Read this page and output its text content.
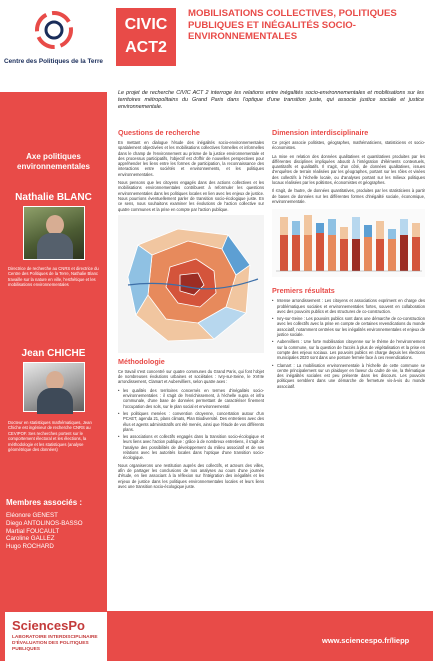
Centre des Politiques de la Terre
Axe politiques environnementales
Nathalie BLANC
Directrice de recherche au CNRS et directrice du Centre des Politiques de la Terre, Nathalie Blanc travaille sur la nature en ville, l'esthétique et les mobilisations environnementales
Jean CHICHE
Docteur en statistiques mathématiques, Jean Chiche est ingénieur de recherche CNRS au CEVIPOF. Ses recherches portent sur le comportement électoral et les élections, la méthodologie et les statistiques (analyse géométrique des données)
Membres associés :
Eléonore GENEST
Diego ANTOLINOS-BASSO
Martial FOUCAULT
Caroline GALLEZ
Hugo ROCHARD
CIVIC
ACT2
MOBILISATIONS COLLECTIVES, POLITIQUES PUBLIQUES ET INÉGALITÉS SOCIO-ENVIRONNEMENTALES
Le projet de recherche CIVIC ACT 2 interroge les relations entre inégalités socio-environnementales et mobilisations sur les territoires métropolitains du Grand Paris dans l'optique d'une transition juste, qui associe justice sociale et justice environnementale.
Questions de recherche
En mettant en dialogue l'étude des inégalités socio-environnementales spatialement objectivées et les mobilisations collectives formelles et informelles dans le champ de l'environnement au prisme de la justice environnementale et des processus participatifs, l'objectif est d'offrir de nouvelles perspectives pour appréhender les liens entre les formes de participation, la reconnaissance des interactions entre sociétés et environnements, et les politiques environnementales.
Nous pensons que les citoyens engagés dans des actions collectives et les mobilisations environnementales contribuent à reformuler les questions environnementales dans les politiques locales en lien avec les enjeux de justice. Nous pourrions éventuellement parler de transition socio-écologique juste. En ce sens, nous souhaitons examiner les évolutions de l'action collective sur quatre communes et la prise en compte par l'action publique.
Méthodologie
Ce travail s'est concentré sur quatre communes du Grand Paris, qui font l'objet de nombreuses évolutions urbaines et sociétales : Ivry-sur-Seine, le XVIIIe arrondissement, Clamart et Aubervilliers, selon quatre axes :
• les qualités des territoires concernés en termes d'inégalités socio-environnementales : il s'agit de l'enrichissement, à l'échelle supra et infra communale, d'une base de données permettant de caractériser finement l'occupation des sols, sur le plan social et environnemental
• les politiques menées : convention citoyenne, concertation autour d'un PCAET, agenda 21, plans climats, Plan Biodiversité. Des entretiens avec des élus et agents administratifs ont été menés, ainsi que l'étude de vos différents plans.
• les associations et collectifs engagés dans la transition socio-écologique et leurs liens avec l'action publique : grâce à de nombreux entretiens, il s'agit de l'analyse des possibilités de développement du milieu associatif et de ses relations avec les autorités locales dans l'optique d'une transition socio-écologique.
Nous organiserons une restitution auprès des collectifs, et acteurs des villes, afin de partager les conclusions de nos analyses au cours d'une journée d'étude, en lien associant à la réflexion sur l'intégration des inégalités et les enjeux de justice dans les politiques environnementales locales et leurs liens avec une transition socio-écologique juste.
Dimension interdisciplinaire
Ce projet associe politistes, géographes, mathématiciens, statisticiens et socio-économistes.
La mise en relation des données qualitatives et quantitatives produites par les différentes disciplines impliquées aboutit à l'intégration d'éléments contextuels, quantitatifs et qualitatifs. Il s'agit, d'un côté, de données qualitatives, issues d'enquêtes de terrain réalisées par les géographes, portant sur les rôles et visées des collectifs à l'échelle locale, ou d'analyses portant sur les milieux politiques locaux réalisées par les politistes, économistes et géographes.
Il s'agit, de l'autre, de données quantitatives, produites par les statisticiens à partir de bases de données sur les différentes formes d'inégalité sociale, économique, environnementale.
Premiers résultats
• Intense arrondissement : Les citoyens et associations expriment en charge des problématiques sociales et environnementales fortes, souvent en collaboration avec des pouvoirs publics et des structures de co-construction.
• Ivry-sur-Seine : Les pouvoirs publics sont dans une démarche de co-construction avec les collectifs avec la prise en compte de certaines revendications du monde associatif, notamment centrées sur les inégalités environnementales et enjeux de justice sociale.
• Aubervilliers : Une forte mobilisation citoyenne sur le thème de l'environnement sur la commune, sur la question de l'accès à plus de végétalisation et la prise en compte des enjeux sociaux. Les pouvoirs publics en charge depuis les élections municipales 2020 sont dans une posture fermée face à ces revendications.
• Clamart : La mobilisation environnementale à l'échelle de cette commune se centre principalement sur un plaidoyer en faveur du cadre de vie, la thématique des inégalités sociales est peu présente dans les discours. Les pouvoirs politiques semblent dans une démarche de fermeture vis-à-vis du monde associatif.
SciencesPo
LABORATOIRE INTERDISCIPLINAIRE D'ÉVALUATION DES POLITIQUES PUBLIQUES
www.sciencespo.fr/liepp
